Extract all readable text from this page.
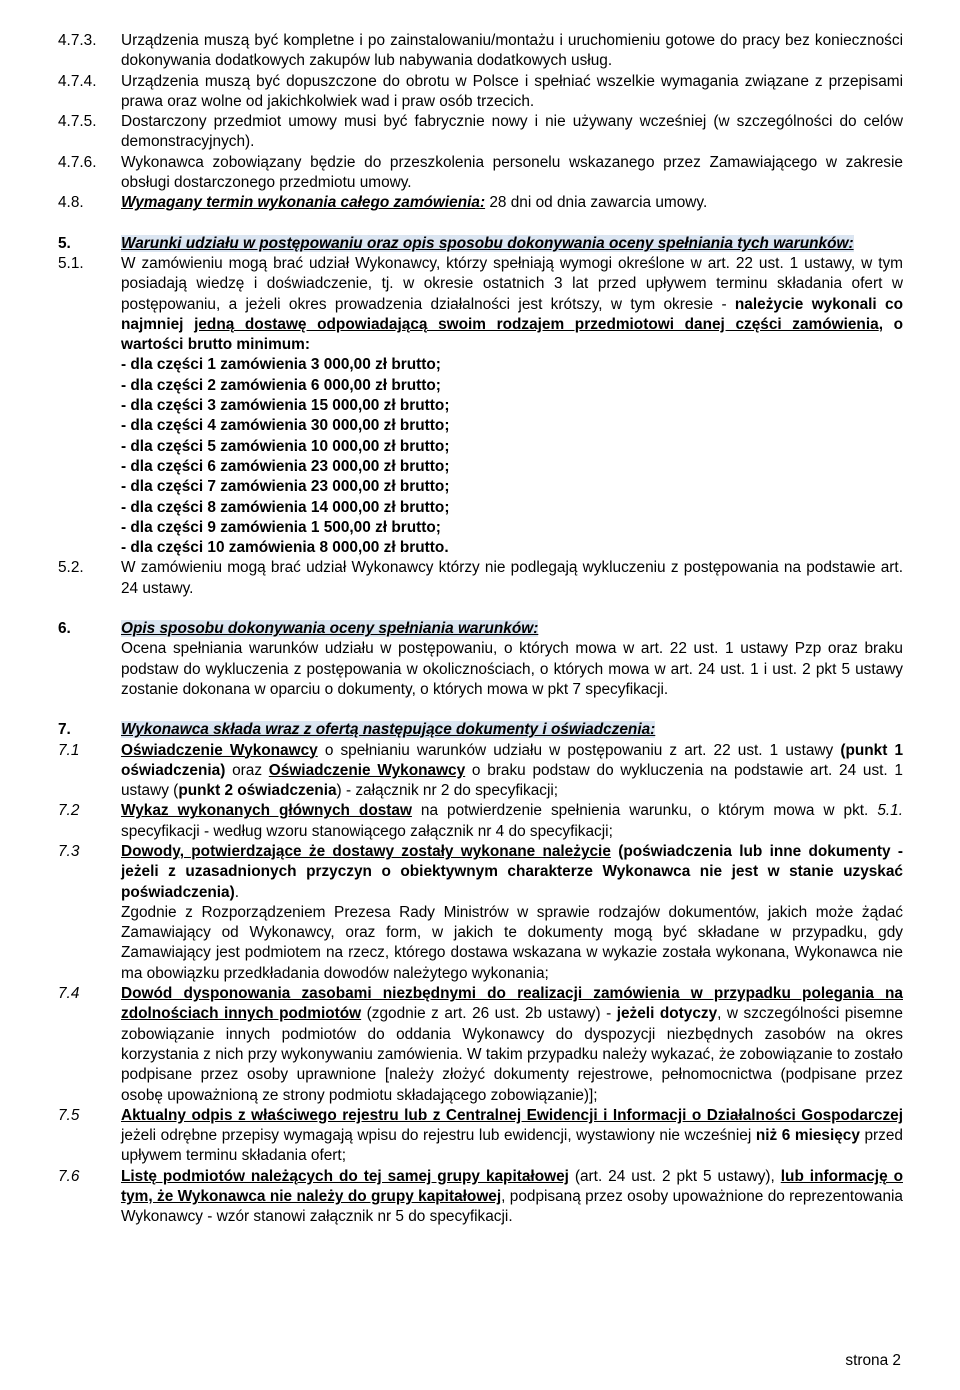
4.7.3.	Urządzenia muszą być kompletne i po zainstalowaniu/montażu i uruchomieniu gotowe do pracy bez konieczności dokonywania dodatkowych zakupów lub nabywania dodatkowych usług.
4.7.4.	Urządzenia muszą być dopuszczone do obrotu w Polsce i spełniać wszelkie wymagania związane z przepisami prawa oraz wolne od jakichkolwiek wad i praw osób trzecich.
4.7.5.	Dostarczony przedmiot umowy musi być fabrycznie nowy i nie używany wcześniej (w szczególności do celów demonstracyjnych).
4.7.6.	Wykonawca zobowiązany będzie do przeszkolenia personelu wskazanego przez Zamawiającego w zakresie obsługi dostarczonego przedmiotu umowy.
4.8.	Wymagany termin wykonania całego zamówienia: 28 dni od dnia zawarcia umowy.
5.	Warunki udziału w postępowaniu oraz opis sposobu dokonywania oceny spełniania tych warunków:
5.1.	W zamówieniu mogą brać udział Wykonawcy, którzy spełniają wymogi określone w art. 22 ust. 1 ustawy, w tym posiadają wiedzę i doświadczenie, tj. w okresie ostatnich 3 lat przed upływem terminu składania ofert w postępowaniu, a jeżeli okres prowadzenia działalności jest krótszy, w tym okresie - należycie wykonali co najmniej jedną dostawę odpowiadającą swoim rodzajem przedmiotowi danej części zamówienia, o wartości brutto minimum:
- dla części 1 zamówienia 3 000,00 zł brutto;
- dla części 2 zamówienia 6 000,00 zł brutto;
- dla części 3 zamówienia 15 000,00 zł brutto;
- dla części 4 zamówienia 30 000,00 zł brutto;
- dla części 5 zamówienia 10 000,00 zł brutto;
- dla części 6 zamówienia 23 000,00 zł brutto;
- dla części 7 zamówienia 23 000,00 zł brutto;
- dla części 8 zamówienia 14 000,00 zł brutto;
- dla części 9 zamówienia 1 500,00 zł brutto;
- dla części 10 zamówienia 8 000,00 zł brutto.
5.2.	W zamówieniu mogą brać udział Wykonawcy którzy nie podlegają wykluczeniu z postępowania na podstawie art. 24 ustawy.
6.	Opis sposobu dokonywania oceny spełniania warunków:
Ocena spełniania warunków udziału w postępowaniu, o których mowa w art. 22 ust. 1 ustawy Pzp oraz braku podstaw do wykluczenia z postępowania w okolicznościach, o których mowa w art. 24 ust. 1 i ust. 2 pkt 5 ustawy zostanie dokonana w oparciu o dokumenty, o których mowa w pkt 7 specyfikacji.
7.	Wykonawca składa wraz z ofertą następujące dokumenty i oświadczenia:
7.1	Oświadczenie Wykonawcy o spełnianiu warunków udziału w postępowaniu z art. 22 ust. 1 ustawy (punkt 1 oświadczenia) oraz Oświadczenie Wykonawcy o braku podstaw do wykluczenia na podstawie art. 24 ust. 1 ustawy (punkt 2 oświadczenia) - załącznik nr 2 do specyfikacji;
7.2	Wykaz wykonanych głównych dostaw na potwierdzenie spełnienia warunku, o którym mowa w pkt. 5.1. specyfikacji - według wzoru stanowiącego załącznik nr 4 do specyfikacji;
7.3	Dowody, potwierdzające że dostawy zostały wykonane należycie (poświadczenia lub inne dokumenty - jeżeli z uzasadnionych przyczyn o obiektywnym charakterze Wykonawca nie jest w stanie uzyskać poświadczenia).
Zgodnie z Rozporządzeniem Prezesa Rady Ministrów w sprawie rodzajów dokumentów, jakich może żądać Zamawiający od Wykonawcy, oraz form, w jakich te dokumenty mogą być składane w przypadku, gdy Zamawiający jest podmiotem na rzecz, którego dostawa wskazana w wykazie została wykonana, Wykonawca nie ma obowiązku przedkładania dowodów należytego wykonania;
7.4	Dowód dysponowania zasobami niezbędnymi do realizacji zamówienia w przypadku polegania na zdolnościach innych podmiotów (zgodnie z art. 26 ust. 2b ustawy) - jeżeli dotyczy, w szczególności pisemne zobowiązanie innych podmiotów do oddania Wykonawcy do dyspozycji niezbędnych zasobów na okres korzystania z nich przy wykonywaniu zamówienia. W takim przypadku należy wykazać, że zobowiązanie to zostało podpisane przez osoby uprawnione [należy złożyć dokumenty rejestrowe, pełnomocnictwa (podpisane przez osobę upoważnioną ze strony podmiotu składającego zobowiązanie)];
7.5	Aktualny odpis z właściwego rejestru lub z Centralnej Ewidencji i Informacji o Działalności Gospodarczej jeżeli odrębne przepisy wymagają wpisu do rejestru lub ewidencji, wystawiony nie wcześniej niż 6 miesięcy przed upływem terminu składania ofert;
7.6	Listę podmiotów należących do tej samej grupy kapitałowej (art. 24 ust. 2 pkt 5 ustawy), lub informację o tym, że Wykonawca nie należy do grupy kapitałowej, podpisaną przez osoby upoważnione do reprezentowania Wykonawcy - wzór stanowi załącznik nr 5 do specyfikacji.
strona 2
